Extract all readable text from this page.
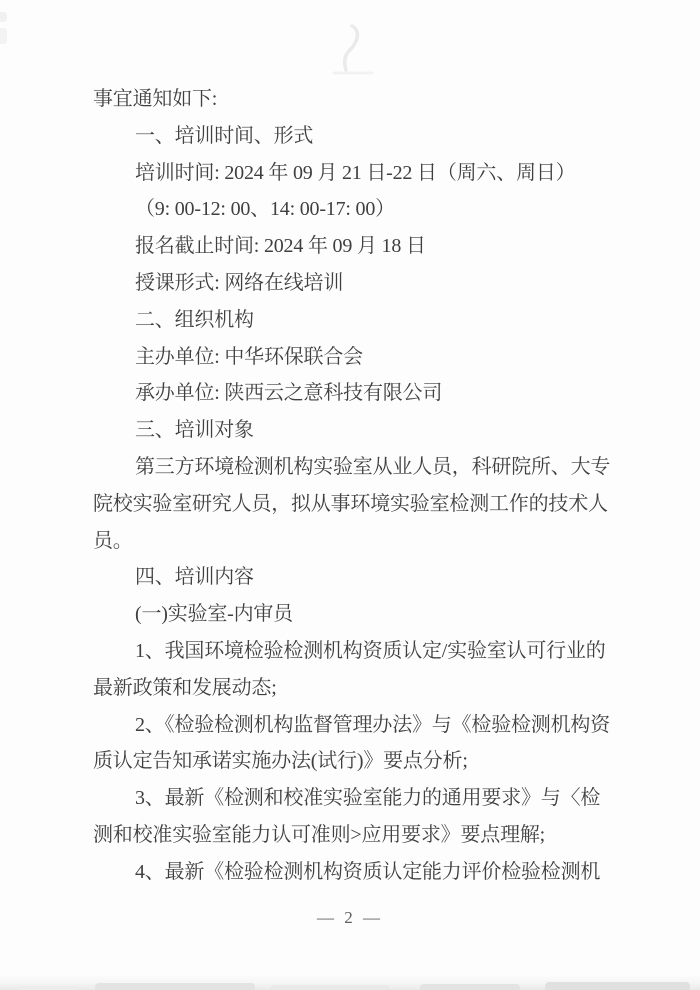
事宜通知如下:

一、培训时间、形式

培训时间: 2024 年 09 月 21 日-22 日（周六、周日）

（9: 00-12: 00、14: 00-17: 00）

报名截止时间: 2024 年 09 月 18 日

授课形式: 网络在线培训

二、组织机构

主办单位: 中华环保联合会

承办单位: 陕西云之意科技有限公司

三、培训对象

第三方环境检测机构实验室从业人员，科研院所、大专

院校实验室研究人员，拟从事环境实验室检测工作的技术人

员。

四、培训内容

(一)实验室-内审员

1、我国环境检验检测机构资质认定/实验室认可行业的

最新政策和发展动态;

2、《检验检测机构监督管理办法》与《检验检测机构资

质认定告知承诺实施办法(试行)》要点分析;

3、最新《检测和校准实验室能力的通用要求》与〈检

测和校准实验室能力认可准则>应用要求》要点理解;

4、最新《检验检测机构资质认定能力评价检验检测机

— 2 —
